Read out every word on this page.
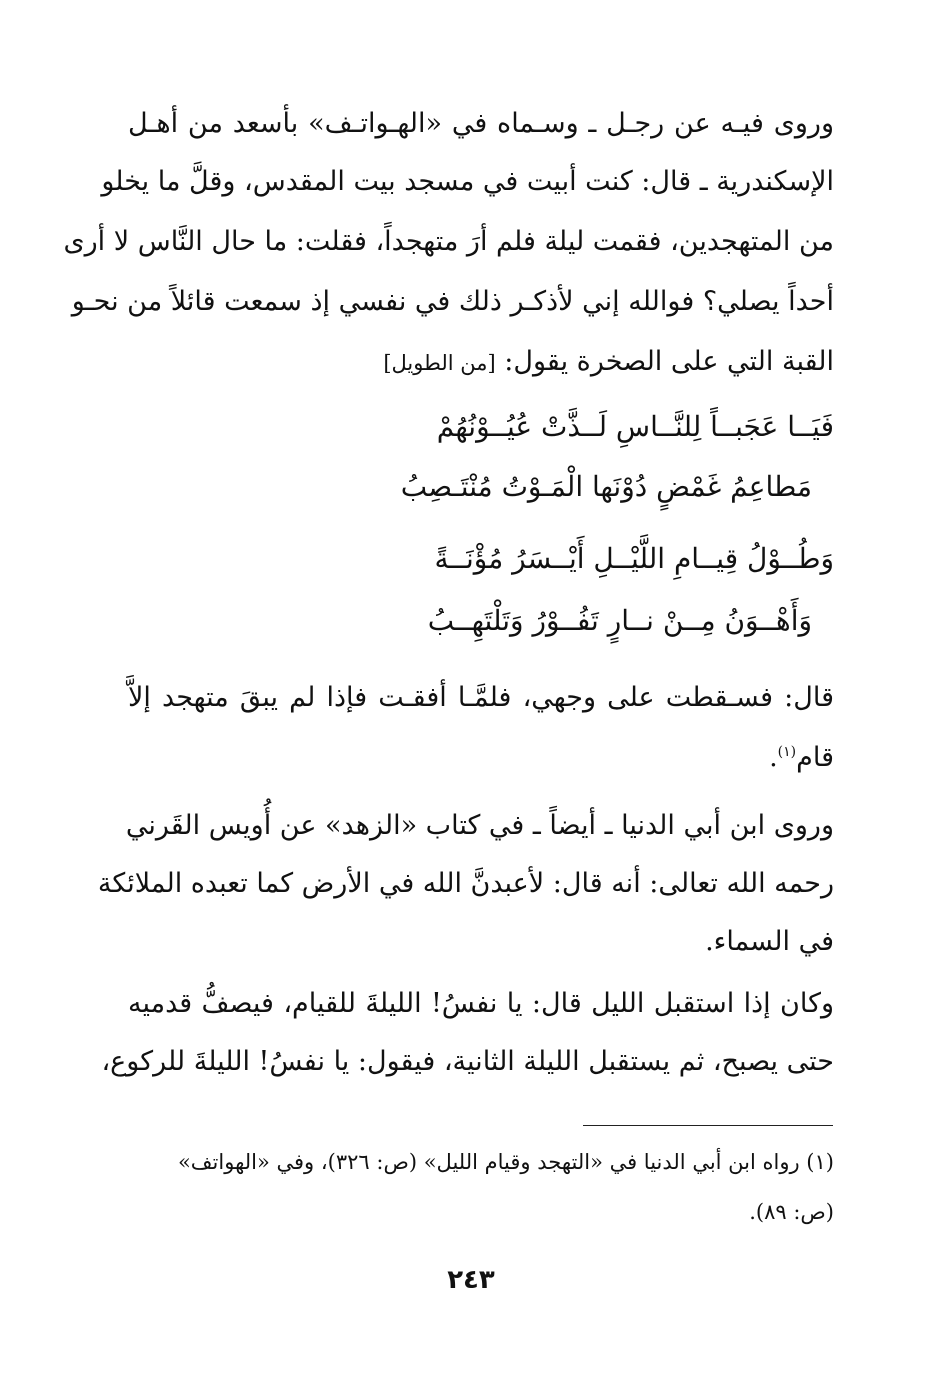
وروى فيـه عن رجـل ـ وسـماه في «الهـواتـف» بأسعد من أهـل
الإسكندرية ـ قال: كنت أبيت في مسجد بيت المقدس، وقلَّ ما يخلو
من المتهجدين، فقمت ليلة فلم أرَ متهجداً، فقلت: ما حال النَّاس لا أرى
أحداً يصلي؟ فوالله إني لأذكـر ذلك في نفسي إذ سمعت قائلاً من نحـو
القبة التي على الصخرة يقول: [من الطويل]
فَيَــا عَجَبــاً لِلنَّــاسِ لَــذَّتْ عُيُــوْنُهُمْ
مَطاعِمُ غَمْضٍ دُوْنَها الْمَـوْتُ مُنْتَـصِبُ
وَطُــوْلُ قِيــامِ اللَّيْــلِ أَيْــسَرُ مُؤْنَــةً
وَأَهْــوَنُ مِــنْ نــارٍ تَفُــوْرُ وَتَلْتَهِــبُ
قال: فسـقطت على وجهي، فلمَّـا أفقـت فإذا لم يبقَ متهجد إلاَّ
قام$^{(١)}$.
وروى ابن أبي الدنيا ـ أيضاً ـ في كتاب «الزهد» عن أُويس القَرني
رحمه الله تعالى: أنه قال: لأعبدنَّ الله في الأرض كما تعبده الملائكة
في السماء.
وكان إذا استقبل الليل قال: يا نفسُ! الليلةَ للقيام، فيصفُّ قدميه
حتى يصبح، ثم يستقبل الليلة الثانية، فيقول: يا نفسُ! الليلةَ للركوع،
(١) رواه ابن أبي الدنيا في «التهجد وقيام الليل» (ص: ٣٢٦)، وفي «الهواتف»
(ص: ٨٩).
٢٤٣
